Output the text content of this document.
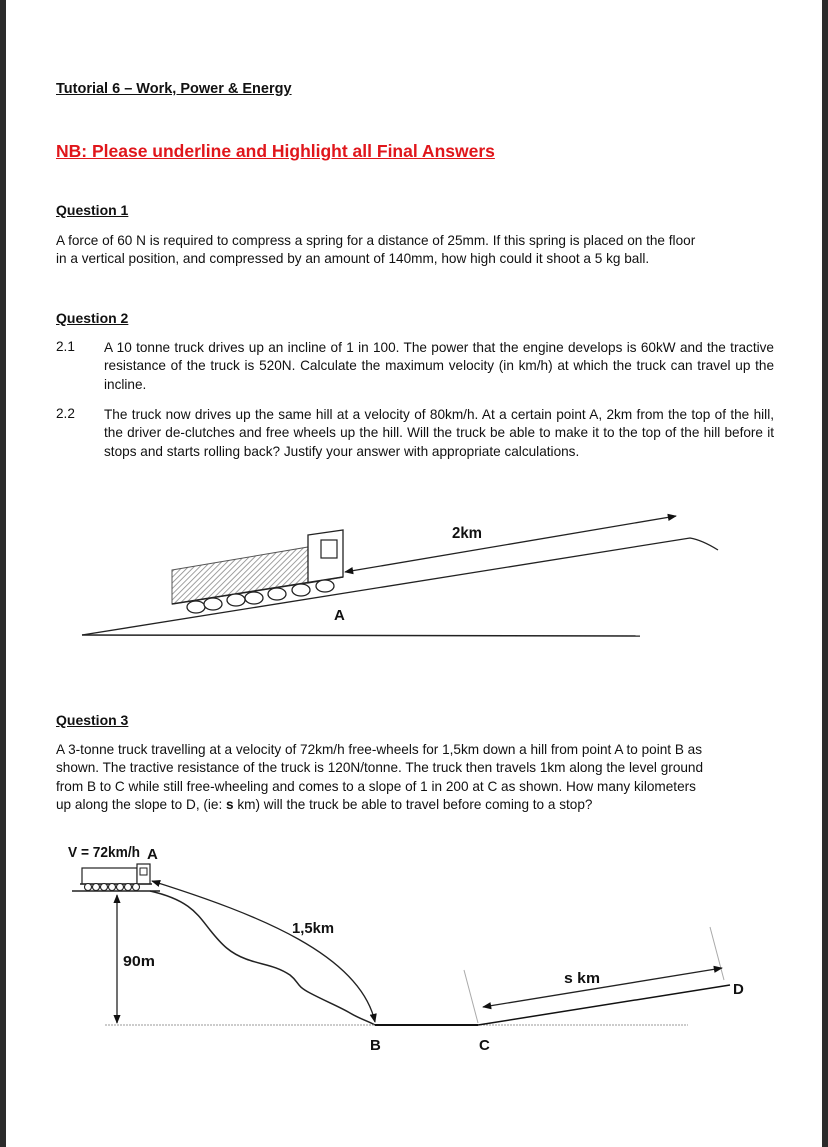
Tutorial 6 – Work, Power & Energy
NB: Please underline and Highlight all Final Answers
Question 1
A force of 60 N is required to compress a spring for a distance of 25mm. If this spring is placed on the floor
in a vertical position, and compressed by an amount of 140mm, how high could it shoot a 5 kg ball.
Question 2
2.1 A 10 tonne truck drives up an incline of 1 in 100. The power that the engine develops is 60kW and the tractive resistance of the truck is 520N. Calculate the maximum velocity (in km/h) at which the truck can travel up the incline.
2.2 The truck now drives up the same hill at a velocity of 80km/h. At a certain point A, 2km from the top of the hill, the driver de-clutches and free wheels up the hill. Will the truck be able to make it to the top of the hill before it stops and starts rolling back? Justify your answer with appropriate calculations.
2km
A
Question 3
A 3-tonne truck travelling at a velocity of 72km/h free-wheels for 1,5km down a hill from point A to point B as
shown. The tractive resistance of the truck is 120N/tonne. The truck then travels 1km along the level ground
from B to C while still free-wheeling and comes to a slope of 1 in 200 at C as shown. How many kilometers
up along the slope to D, (ie: s km) will the truck be able to travel before coming to a stop?
V = 72km/h A
1,5km
90m
s km
B	C
D
